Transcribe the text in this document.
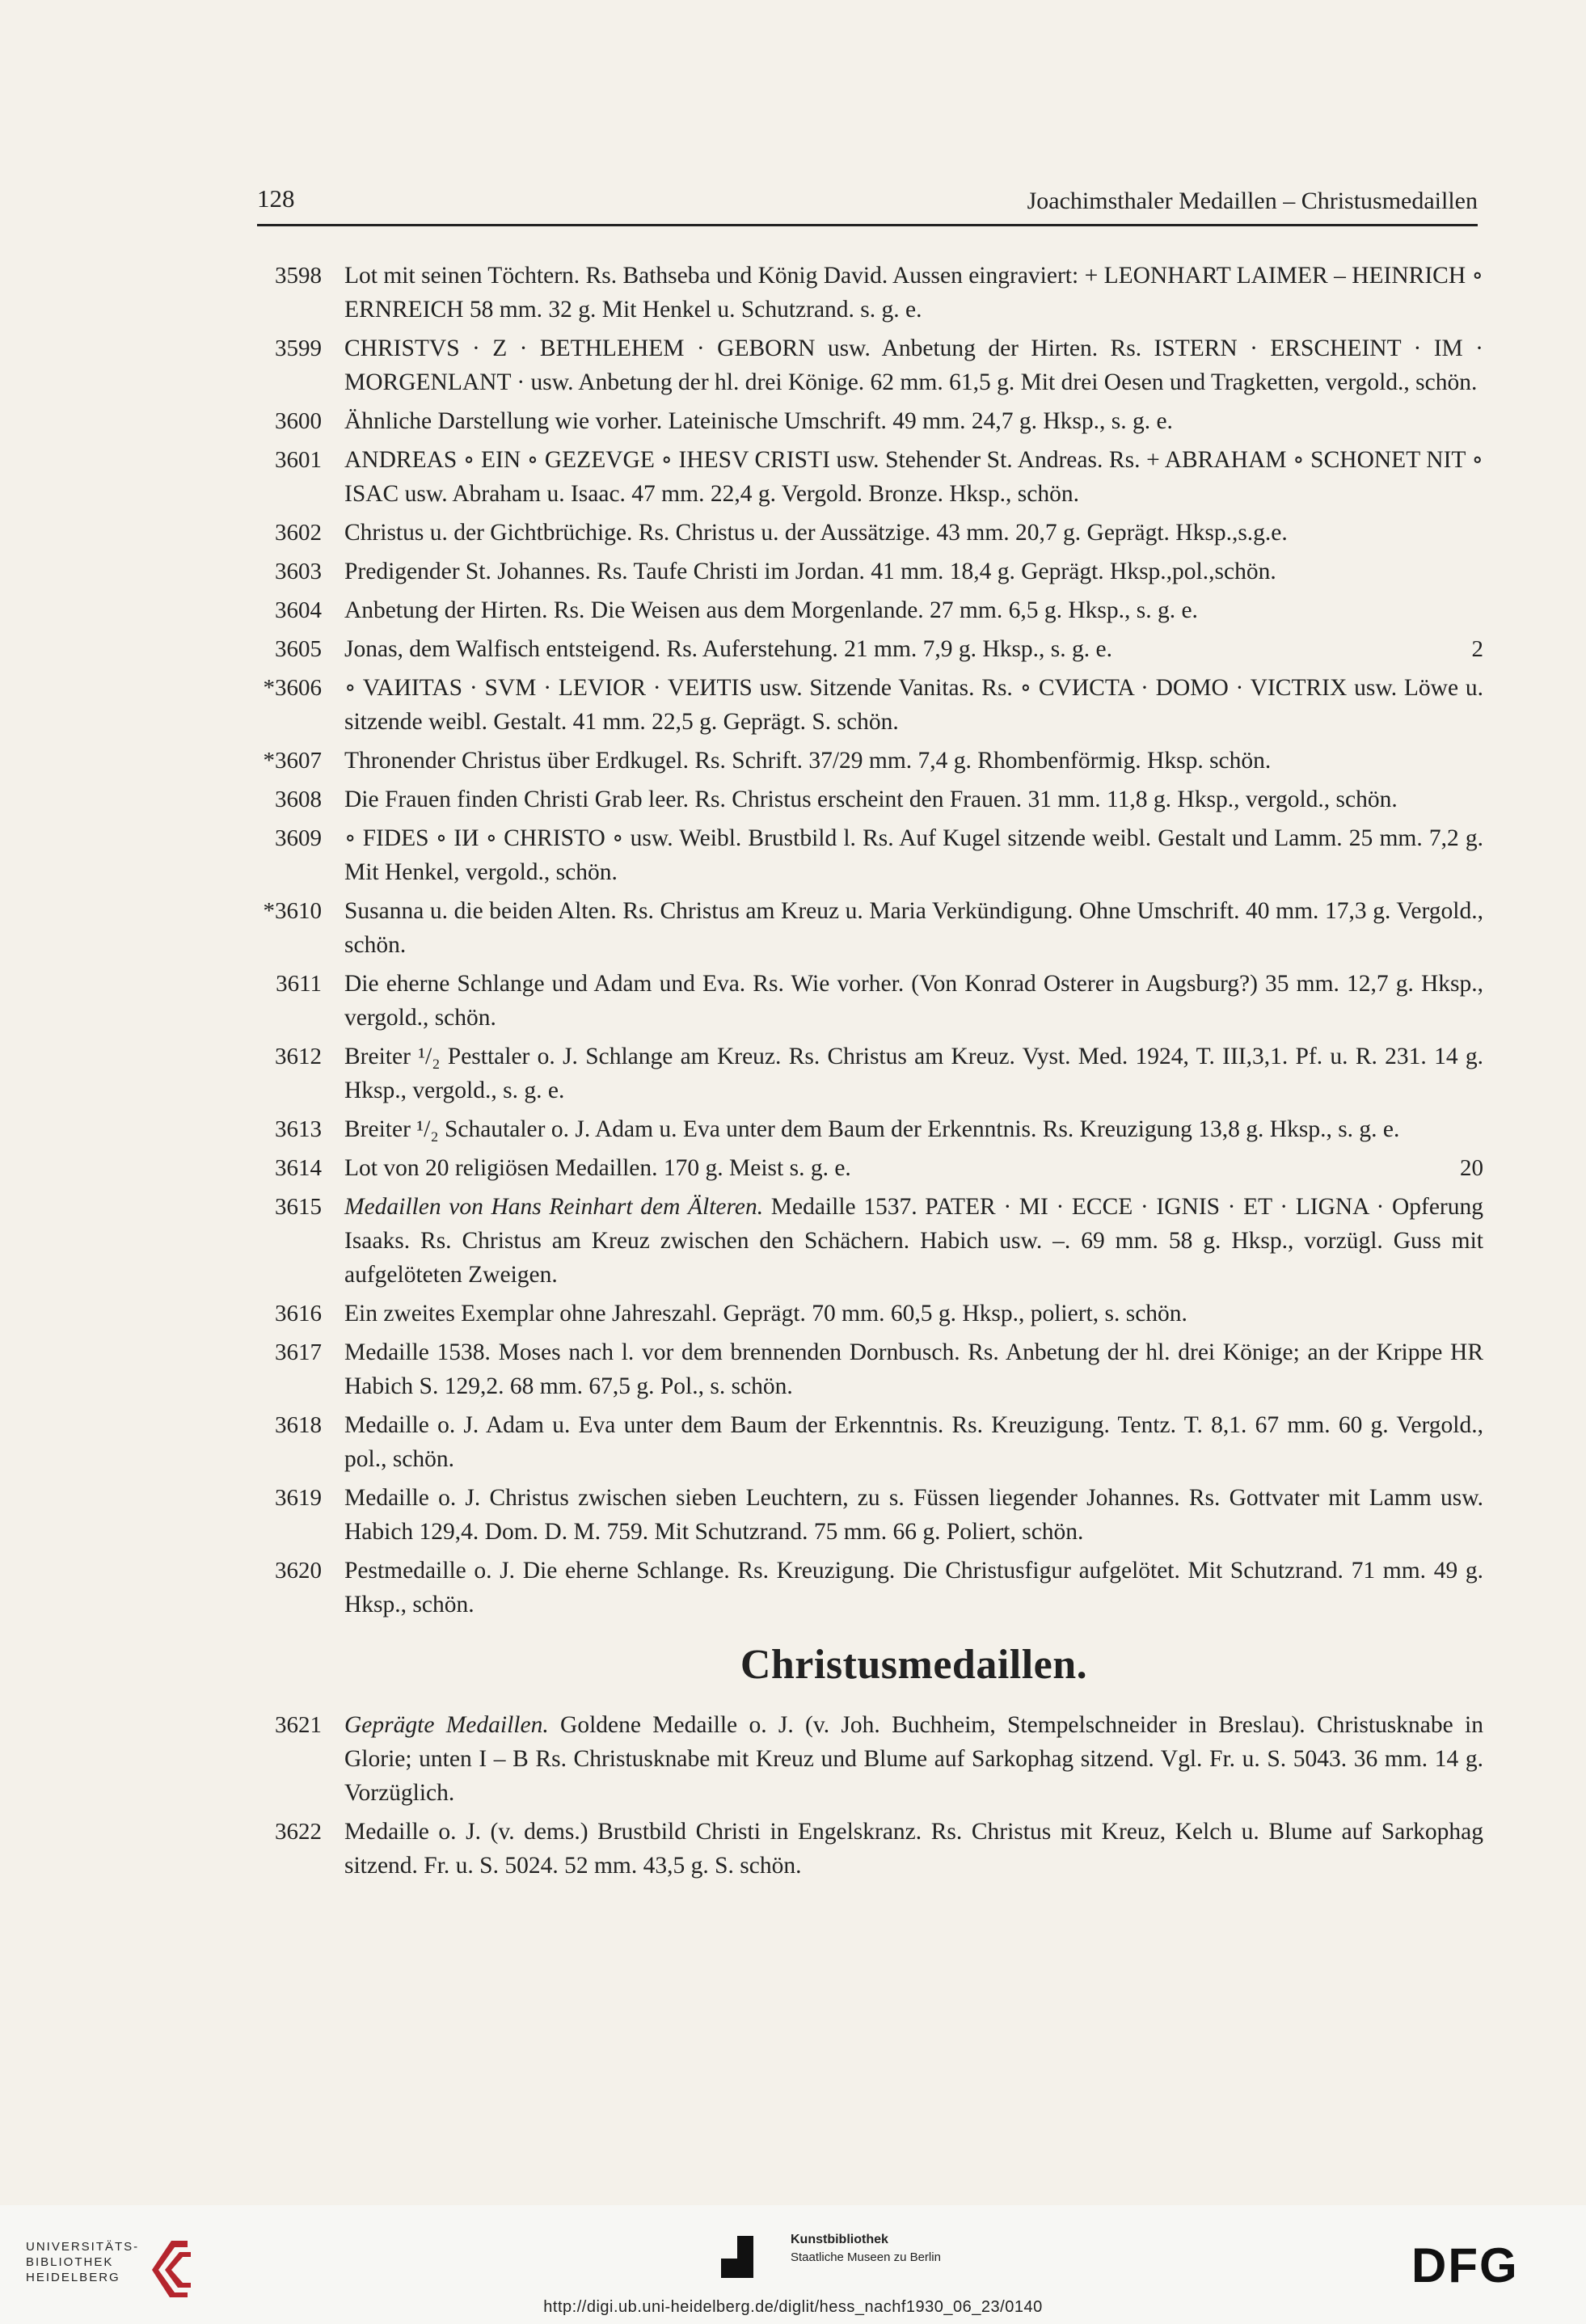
128	Joachimsthaler Medaillen – Christusmedaillen
3598 Lot mit seinen Töchtern. Rs. Bathseba und König David. Aussen eingraviert: + LEONHART LAIMER – HEINRICH ∘ ERNREICH 58 mm. 32 g. Mit Henkel u. Schutzrand. s. g. e.
3599 CHRISTVS · Z · BETHLEHEM · GEBORN usw. Anbetung der Hirten. Rs. ISTERN · ERSCHEINT · IM · MORGENLANT · usw. Anbetung der hl. drei Könige. 62 mm. 61,5 g. Mit drei Oesen und Tragketten, vergold., schön.
3600 Ähnliche Darstellung wie vorher. Lateinische Umschrift. 49 mm. 24,7 g. Hksp., s. g. e.
3601 ANDREAS ∘ EIN ∘ GEZEVGE ∘ IHESV CRISTI usw. Stehender St. Andreas. Rs. + ABRAHAM ∘ SCHONET NIT ∘ ISAC usw. Abraham u. Isaac. 47 mm. 22,4 g. Vergold. Bronze. Hksp., schön.
3602 Christus u. der Gichtbrüchige. Rs. Christus u. der Aussätzige. 43 mm. 20,7 g. Geprägt. Hksp.,s.g.e.
3603 Predigender St. Johannes. Rs. Taufe Christi im Jordan. 41 mm. 18,4 g. Geprägt. Hksp.,pol.,schön.
3604 Anbetung der Hirten. Rs. Die Weisen aus dem Morgenlande. 27 mm. 6,5 g. Hksp., s. g. e.
3605 Jonas, dem Walfisch entsteigend. Rs. Auferstehung. 21 mm. 7,9 g. Hksp., s. g. e.	2
*3606 ∘ VAИITAS · SVM · LEVIOR · VEИTIS usw. Sitzende Vanitas. Rs. ∘ CVИCTA · DOMO · VICTRIX usw. Löwe u. sitzende weibl. Gestalt. 41 mm. 22,5 g. Geprägt. S. schön.
*3607 Thronender Christus über Erdkugel. Rs. Schrift. 37/29 mm. 7,4 g. Rhombenförmig. Hksp. schön.
3608 Die Frauen finden Christi Grab leer. Rs. Christus erscheint den Frauen. 31 mm. 11,8 g. Hksp., vergold., schön.
3609 ∘ FIDES ∘ IИ ∘ CHRISTO ∘ usw. Weibl. Brustbild l. Rs. Auf Kugel sitzende weibl. Gestalt und Lamm. 25 mm. 7,2 g. Mit Henkel, vergold., schön.
*3610 Susanna u. die beiden Alten. Rs. Christus am Kreuz u. Maria Verkündigung. Ohne Umschrift. 40 mm. 17,3 g. Vergold., schön.
3611 Die eherne Schlange und Adam und Eva. Rs. Wie vorher. (Von Konrad Osterer in Augsburg?) 35 mm. 12,7 g. Hksp., vergold., schön.
3612 Breiter ¹/₂ Pesttaler o. J. Schlange am Kreuz. Rs. Christus am Kreuz. Vyst. Med. 1924, T. III,3,1. Pf. u. R. 231. 14 g. Hksp., vergold., s. g. e.
3613 Breiter ¹/₂ Schautaler o. J. Adam u. Eva unter dem Baum der Erkenntnis. Rs. Kreuzigung 13,8 g. Hksp., s. g. e.
3614 Lot von 20 religiösen Medaillen. 170 g. Meist s. g. e.	20
3615 Medaillen von Hans Reinhart dem Älteren. Medaille 1537. PATER · MI · ECCE · IGNIS · ET · LIGNA · Opferung Isaaks. Rs. Christus am Kreuz zwischen den Schächern. Habich usw. –. 69 mm. 58 g. Hksp., vorzügl. Guss mit aufgelöteten Zweigen.
3616 Ein zweites Exemplar ohne Jahreszahl. Geprägt. 70 mm. 60,5 g. Hksp., poliert, s. schön.
3617 Medaille 1538. Moses nach l. vor dem brennenden Dornbusch. Rs. Anbetung der hl. drei Könige; an der Krippe HR Habich S. 129,2. 68 mm. 67,5 g. Pol., s. schön.
3618 Medaille o. J. Adam u. Eva unter dem Baum der Erkenntnis. Rs. Kreuzigung. Tentz. T. 8,1. 67 mm. 60 g. Vergold., pol., schön.
3619 Medaille o. J. Christus zwischen sieben Leuchtern, zu s. Füssen liegender Johannes. Rs. Gottvater mit Lamm usw. Habich 129,4. Dom. D. M. 759. Mit Schutzrand. 75 mm. 66 g. Poliert, schön.
3620 Pestmedaille o. J. Die eherne Schlange. Rs. Kreuzigung. Die Christusfigur aufgelötet. Mit Schutzrand. 71 mm. 49 g. Hksp., schön.
Christusmedaillen.
3621 Geprägte Medaillen. Goldene Medaille o. J. (v. Joh. Buchheim, Stempelschneider in Breslau). Christusknabe in Glorie; unten I – B Rs. Christusknabe mit Kreuz und Blume auf Sarkophag sitzend. Vgl. Fr. u. S. 5043. 36 mm. 14 g. Vorzüglich.
3622 Medaille o. J. (v. dems.) Brustbild Christi in Engelskranz. Rs. Christus mit Kreuz, Kelch u. Blume auf Sarkophag sitzend. Fr. u. S. 5024. 52 mm. 43,5 g. S. schön.
UNIVERSITÄTS-
BIBLIOTHEK
HEIDELBERG
Kunstbibliothek
Staatliche Museen zu Berlin	DFG
http://digi.ub.uni-heidelberg.de/diglit/hess_nachf1930_06_23/0140
